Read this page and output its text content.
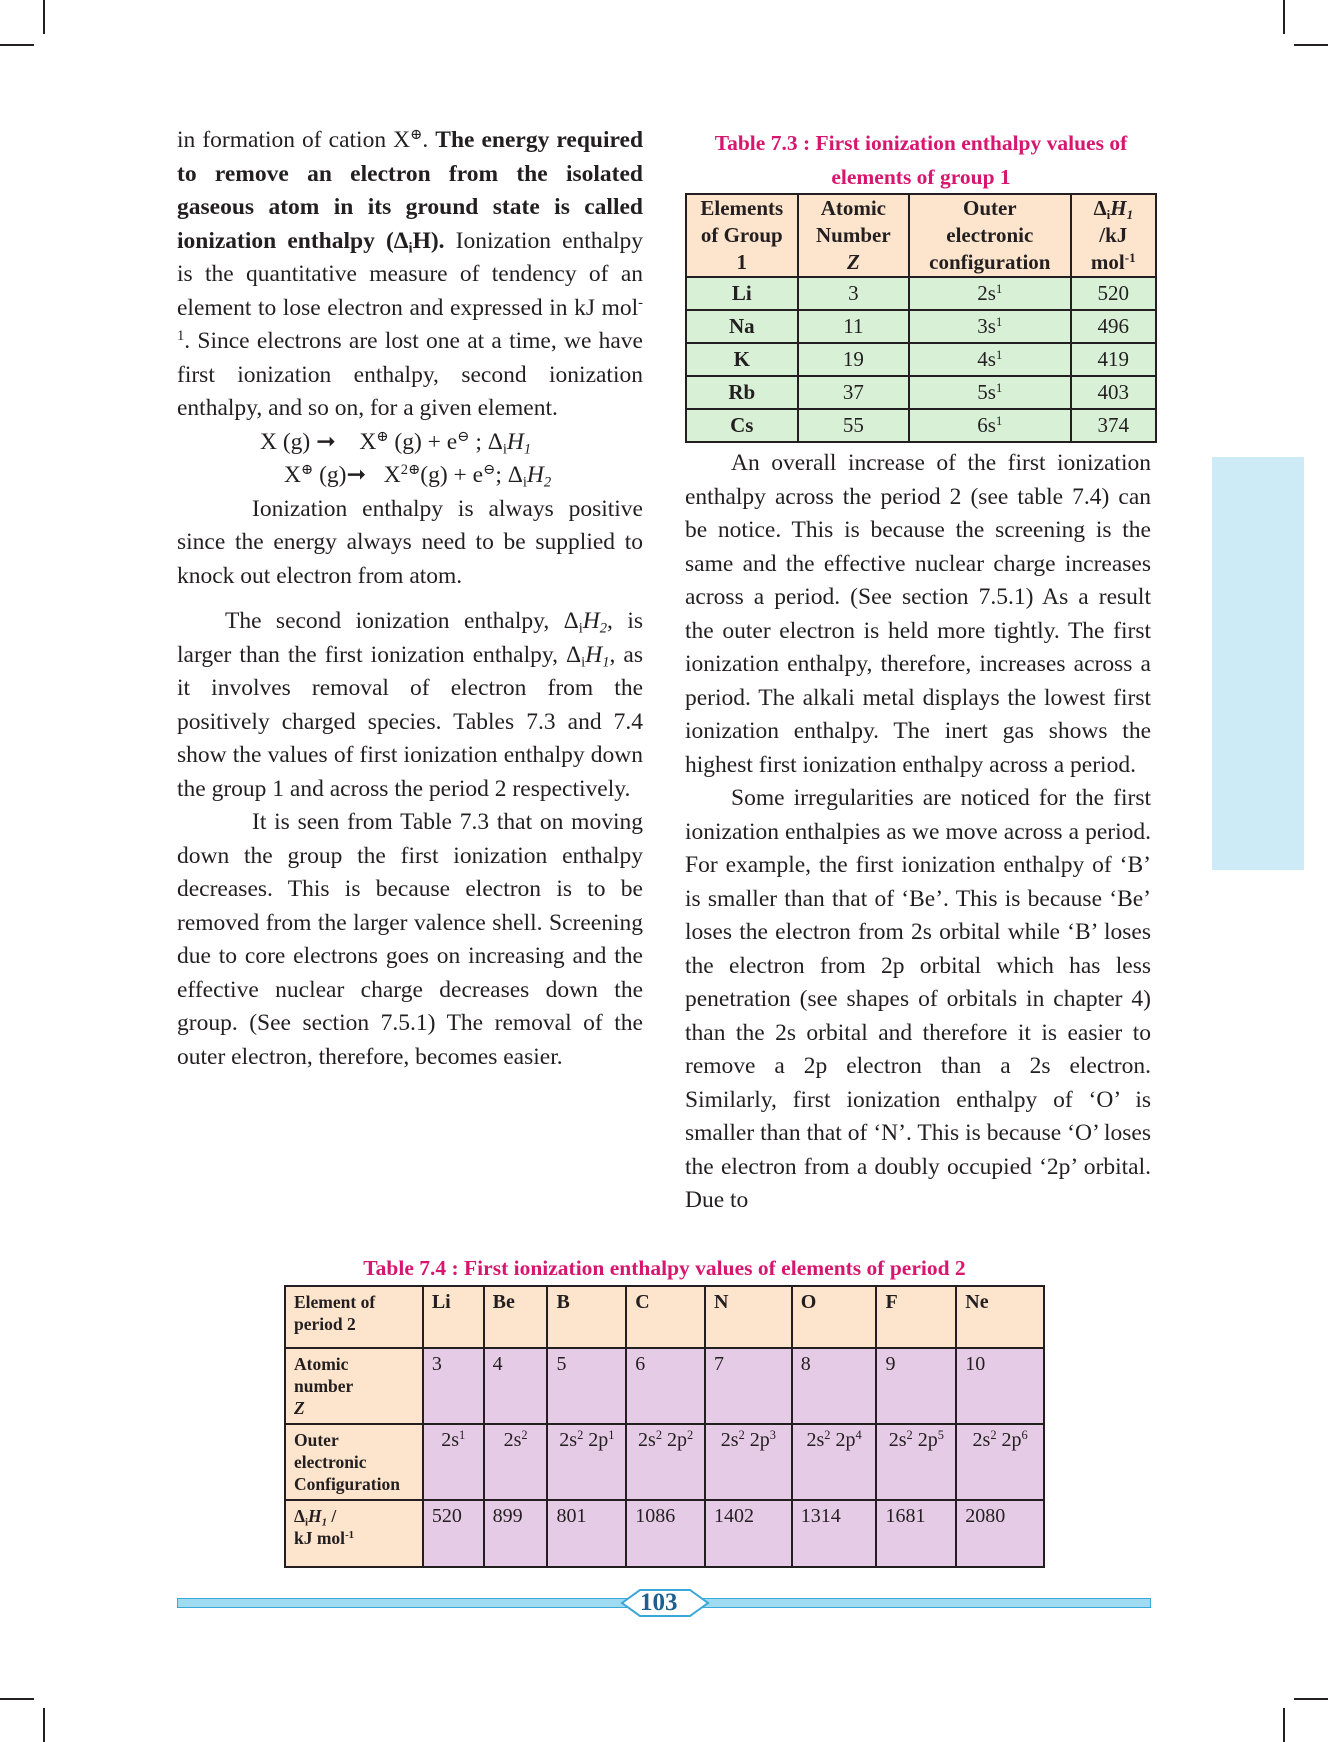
in formation of cation X⊕. The energy required to remove an electron from the isolated gaseous atom in its ground state is called ionization enthalpy $(\Delta_iH)$. Ionization enthalpy is the quantitative measure of tendency of an element to lose electron and expressed in kJ mol$^{-1}$. Since electrons are lost one at a time, we have first ionization enthalpy, second ionization enthalpy, and so on, for a given element.

X (g) ➞ X⊕ (g) + e⊖ ; $\Delta_iH_1$

X⊕ (g)➞ $X^{2\oplus}(g) + e^⊖$; $\Delta_iH_2$

Ionization enthalpy is always positive since the energy always need to be supplied to knock out electron from atom.

The second ionization enthalpy, $\Delta_iH_2$, is larger than the first ionization enthalpy, $\Delta_iH_1$, as it involves removal of electron from the positively charged species. Tables 7.3 and 7.4 show the values of first ionization enthalpy down the group 1 and across the period 2 respectively.

It is seen from Table 7.3 that on moving down the group the first ionization enthalpy decreases. This is because electron is to be removed from the larger valence shell. Screening due to core electrons goes on increasing and the effective nuclear charge decreases down the group. (See section 7.5.1) The removal of the outer electron, therefore, becomes easier.

Table 7.3 : First ionization enthalpy values of
elements of group 1
Elements
of Group
1	Atomic
Number
Z	Outer
electronic
configuration	$\Delta_iH_1$
/kJ
mol$^{-1}$
Li	3	$2s^1$	520
Na	11	$3s^1$	496
K	19	$4s^1$	419
Rb	37	$5s^1$	403
Cs	55	$6s^1$	374

An overall increase of the first ionization enthalpy across the period 2 (see table 7.4) can be notice. This is because the screening is the same and the effective nuclear charge increases across a period. (See section 7.5.1) As a result the outer electron is held more tightly. The first ionization enthalpy, therefore, increases across a period. The alkali metal displays the lowest first ionization enthalpy. The inert gas shows the highest first ionization enthalpy across a period.

Some irregularities are noticed for the first ionization enthalpies as we move across a period. For example, the first ionization enthalpy of ‘B’ is smaller than that of ‘Be’. This is because ‘Be’ loses the electron from 2s orbital while ‘B’ loses the electron from 2p orbital which has less penetration (see shapes of orbitals in chapter 4) than the 2s orbital and therefore it is easier to remove a 2p electron than a 2s electron. Similarly, first ionization enthalpy of ‘O’ is smaller than that of ‘N’. This is because ‘O’ loses the electron from a doubly occupied ‘2p’ orbital. Due to

Table 7.4 : First ionization enthalpy values of elements of period 2
Element of
period 2	Li	Be	B	C	N	O	F	Ne
Atomic
number
Z	3	4	5	6	7	8	9	10
Outer
electronic
Configuration	$2s^1$	$2s^2$	$2s^2$ $2p^1$	$2s^2$ $2p^2$	$2s^2$ $2p^3$	$2s^2$ $2p^4$	$2s^2$ $2p^5$	$2s^2$ $2p^6$
$\Delta_iH_1$ /
kJ mol$^{-1}$	520	899	801	1086	1402	1314	1681	2080
103
